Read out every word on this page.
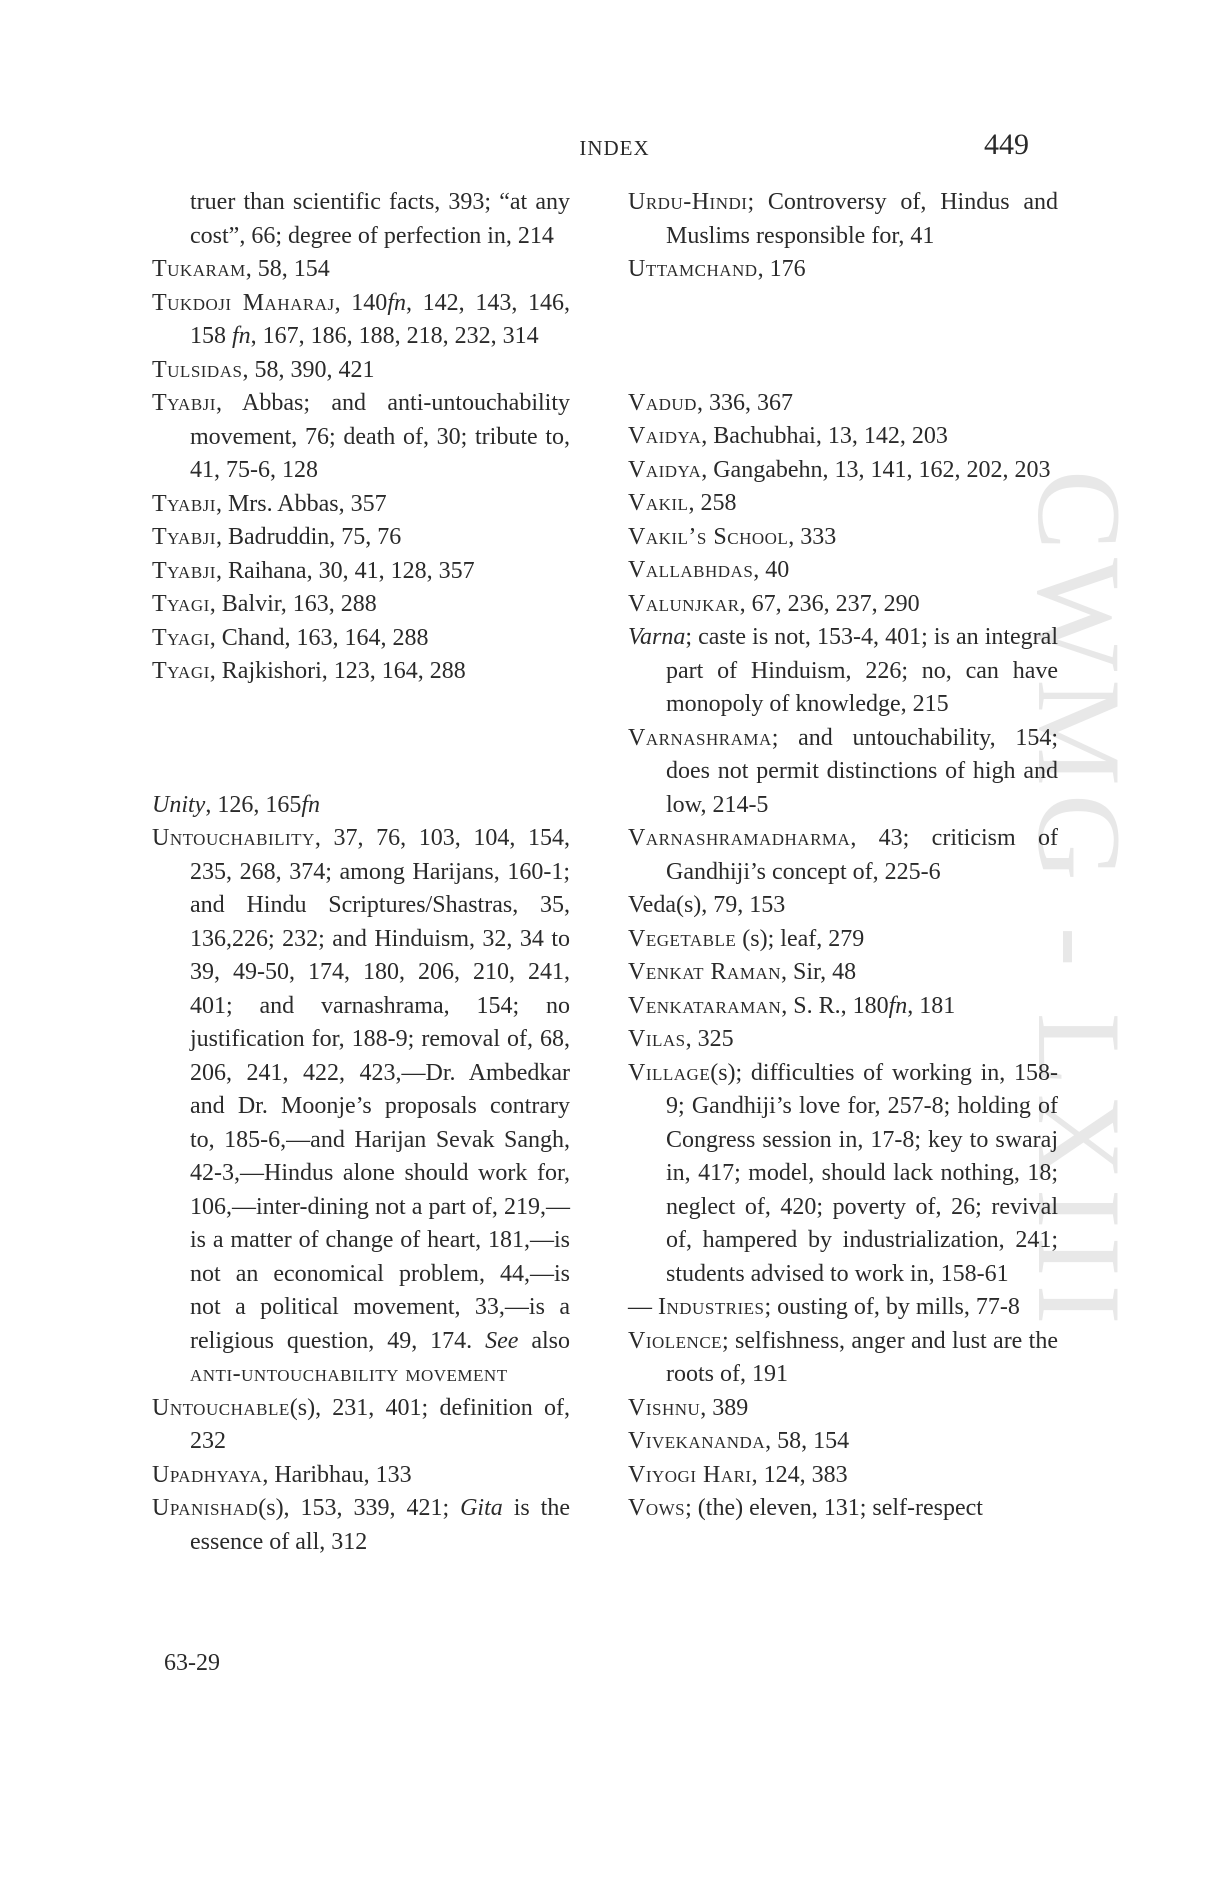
CWMG - LXIII
INDEX	449
truer than scientific facts, 393; “at any cost”, 66; degree of perfection in, 214
Tukaram, 58, 154
Tukdoji Maharaj, 140fn, 142, 143, 146, 158 fn, 167, 186, 188, 218, 232, 314
Tulsidas, 58, 390, 421
Tyabji, Abbas; and anti-untouchability movement, 76; death of, 30; tribute to, 41, 75-6, 128
Tyabji, Mrs. Abbas, 357
Tyabji, Badruddin, 75, 76
Tyabji, Raihana, 30, 41, 128, 357
Tyagi, Balvir, 163, 288
Tyagi, Chand, 163, 164, 288
Tyagi, Rajkishori, 123, 164, 288
Unity, 126, 165fn
Untouchability, 37, 76, 103, 104, 154, 235, 268, 374; among Harijans, 160-1; and Hindu Scriptures/Shastras, 35, 136,226; 232; and Hinduism, 32, 34 to 39, 49-50, 174, 180, 206, 210, 241, 401; and varnashrama, 154; no justification for, 188-9; removal of, 68, 206, 241, 422, 423,—Dr. Ambedkar and Dr. Moonje’s proposals contrary to, 185-6,—and Harijan Sevak Sangh, 42-3,—Hindus alone should work for, 106,—inter-dining not a part of, 219,—is a matter of change of heart, 181,—is not an economical problem, 44,—is not a political movement, 33,—is a religious question, 49, 174. See also anti-untouchability movement
Untouchable(s), 231, 401; definition of, 232
Upadhyaya, Haribhau, 133
Upanishad(s), 153, 339, 421; Gita is the essence of all, 312
Urdu-Hindi; Controversy of, Hindus and Muslims responsible for, 41
Uttamchand, 176
Vadud, 336, 367
Vaidya, Bachubhai, 13, 142, 203
Vaidya, Gangabehn, 13, 141, 162, 202, 203
Vakil, 258
Vakil’s School, 333
Vallabhdas, 40
Valunjkar, 67, 236, 237, 290
Varna; caste is not, 153-4, 401; is an integral part of Hinduism, 226; no, can have monopoly of knowledge, 215
Varnashrama; and untouchability, 154; does not permit distinctions of high and low, 214-5
Varnashramadharma, 43; criticism of Gandhiji’s concept of, 225-6
Veda(s), 79, 153
Vegetable (s); leaf, 279
Venkat Raman, Sir, 48
Venkataraman, S. R., 180fn, 181
Vilas, 325
Village(s); difficulties of working in, 158-9; Gandhiji’s love for, 257-8; holding of Congress session in, 17-8; key to swaraj in, 417; model, should lack nothing, 18; neglect of, 420; poverty of, 26; revival of, hampered by industrialization, 241; students advised to work in, 158-61
— Industries; ousting of, by mills, 77-8
Violence; selfishness, anger and lust are the roots of, 191
Vishnu, 389
Vivekananda, 58, 154
Viyogi Hari, 124, 383
Vows; (the) eleven, 131; self-respect
63-29
